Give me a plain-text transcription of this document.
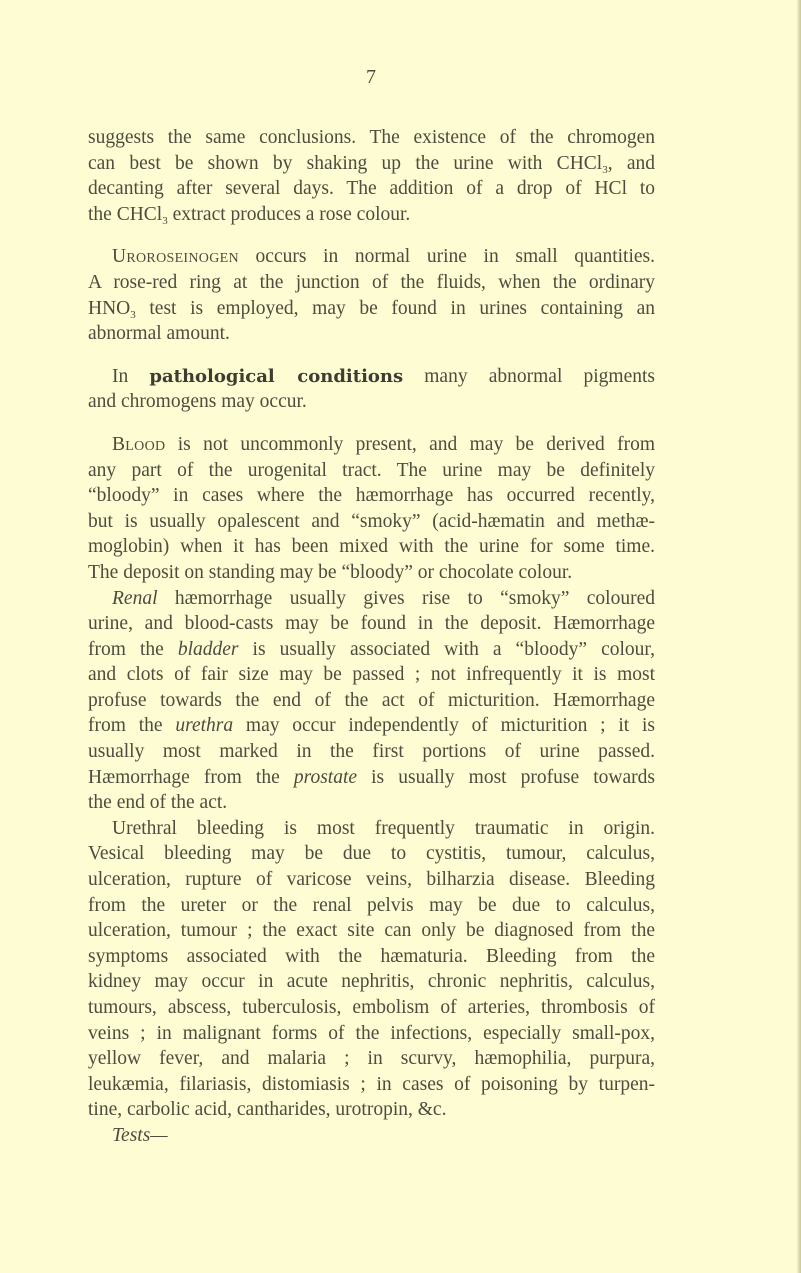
7
suggests the same conclusions. The existence of the chromogen
can best be shown by shaking up the urine with CHCl$_3$, and
decanting after several days. The addition of a drop of HCl to
the CHCl$_3$ extract produces a rose colour.
Uroroseinogen occurs in normal urine in small quantities.
A rose-red ring at the junction of the fluids, when the ordinary
$HNO_3$ test is employed, may be found in urines containing an
abnormal amount.
In pathological conditions many abnormal pigments
and chromogens may occur.
Blood is not uncommonly present, and may be derived from
any part of the urogenital tract. The urine may be definitely
“bloody” in cases where the hæmorrhage has occurred recently,
but is usually opalescent and “smoky” (acid-hæmatin and methæ-
moglobin) when it has been mixed with the urine for some time.
The deposit on standing may be “bloody” or chocolate colour.
Renal hæmorrhage usually gives rise to “smoky” coloured
urine, and blood-casts may be found in the deposit. Hæmorrhage
from the bladder is usually associated with a “bloody” colour,
and clots of fair size may be passed ; not infrequently it is most
profuse towards the end of the act of micturition. Hæmorrhage
from the urethra may occur independently of micturition ; it is
usually most marked in the first portions of urine passed.
Hæmorrhage from the prostate is usually most profuse towards
the end of the act.
Urethral bleeding is most frequently traumatic in origin.
Vesical bleeding may be due to cystitis, tumour, calculus,
ulceration, rupture of varicose veins, bilharzia disease. Bleeding
from the ureter or the renal pelvis may be due to calculus,
ulceration, tumour ; the exact site can only be diagnosed from the
symptoms associated with the hæmaturia. Bleeding from the
kidney may occur in acute nephritis, chronic nephritis, calculus,
tumours, abscess, tuberculosis, embolism of arteries, thrombosis of
veins ; in malignant forms of the infections, especially small-pox,
yellow fever, and malaria ; in scurvy, hæmophilia, purpura,
leukæmia, filariasis, distomiasis ; in cases of poisoning by turpen-
tine, carbolic acid, cantharides, urotropin, &c.
Tests—
